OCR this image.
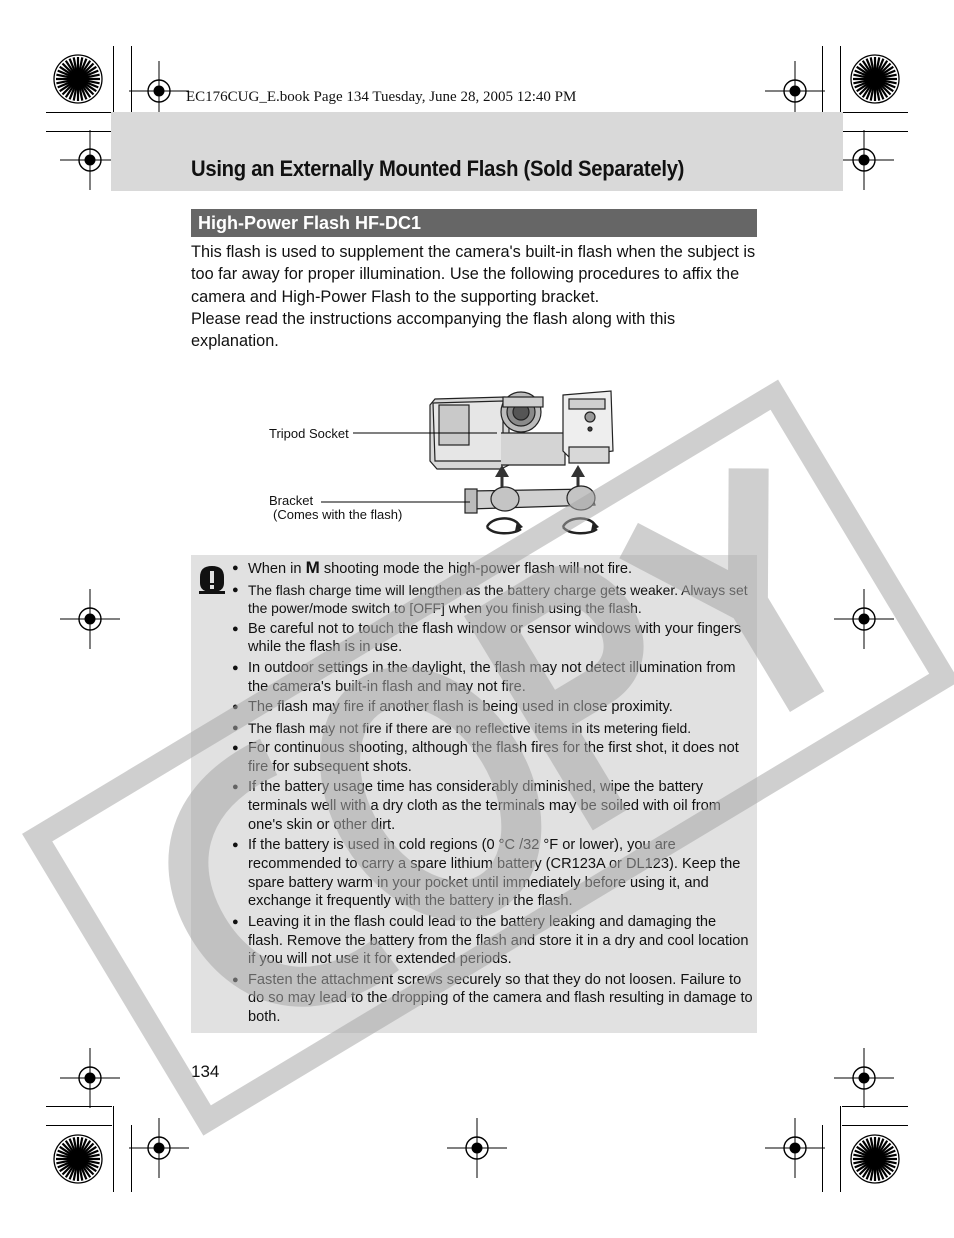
EC176CUG_E.book Page 134 Tuesday, June 28, 2005 12:40 PM
Using an Externally Mounted Flash (Sold Separately)
High-Power Flash HF-DC1

This flash is used to supplement the camera's built-in flash when the subject is too far away for proper illumination. Use the following procedures to affix the camera and High-Power Flash to the supporting bracket.

Please read the instructions accompanying the flash along with this explanation.

Tripod Socket
Bracket
(Comes with the flash)
● When in M shooting mode the high-power flash will not fire.
● The flash charge time will lengthen as the battery charge gets weaker. Always set the power/mode switch to [OFF] when you finish using the flash.
● Be careful not to touch the flash window or sensor windows with your fingers while the flash is in use.
● In outdoor settings in the daylight, the flash may not detect illumination from the camera's built-in flash and may not fire.
● The flash may fire if another flash is being used in close proximity.
● The flash may not fire if there are no reflective items in its metering field.
● For continuous shooting, although the flash fires for the first shot, it does not fire for subsequent shots.
● If the battery usage time has considerably diminished, wipe the battery terminals well with a dry cloth as the terminals may be soiled with oil from one's skin or other dirt.
● If the battery is used in cold regions (0 °C /32 °F or lower), you are recommended to carry a spare lithium battery (CR123A or DL123). Keep the spare battery warm in your pocket until immediately before using it, and exchange it frequently with the battery in the flash.
● Leaving it in the flash could lead to the battery leaking and damaging the flash. Remove the battery from the flash and store it in a dry and cool location if you will not use it for extended periods.
● Fasten the attachment screws securely so that they do not loosen. Failure to do so may lead to the dropping of the camera and flash resulting in damage to both.
134
